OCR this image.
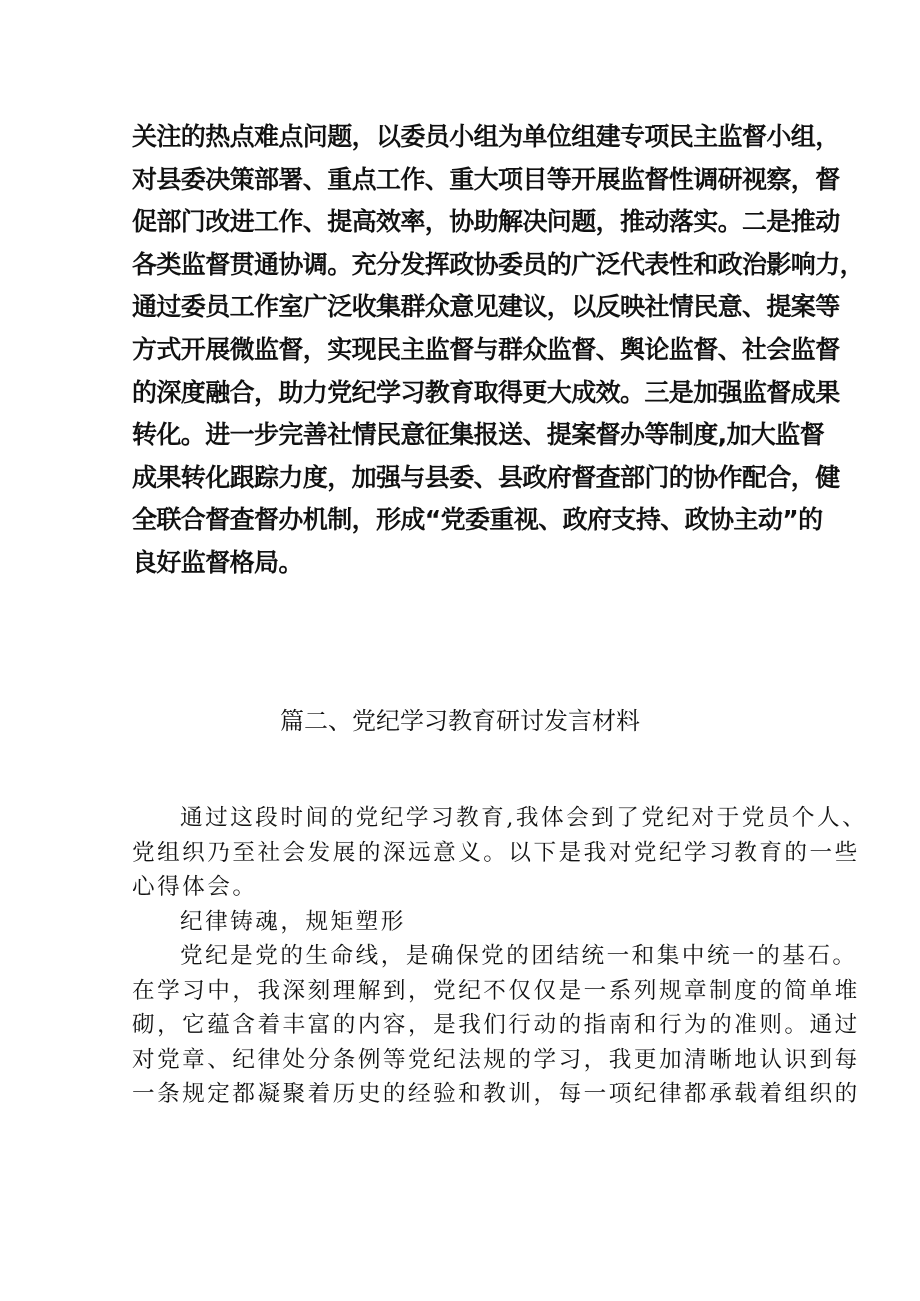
关注的热点难点问题，以委员小组为单位组建专项民主监督小组，
对县委决策部署、重点工作、重大项目等开展监督性调研视察，督
促部门改进工作、提高效率，协助解决问题，推动落实。二是推动
各类监督贯通协调。充分发挥政协委员的广泛代表性和政治影响力，
通过委员工作室广泛收集群众意见建议，以反映社情民意、提案等
方式开展微监督，实现民主监督与群众监督、舆论监督、社会监督
的深度融合，助力党纪学习教育取得更大成效。三是加强监督成果
转化。进一步完善社情民意征集报送、提案督办等制度,加大监督
成果转化跟踪力度，加强与县委、县政府督查部门的协作配合，健
全联合督查督办机制，形成“党委重视、政府支持、政协主动”的
良好监督格局。
篇二、党纪学习教育研讨发言材料
通过这段时间的党纪学习教育,我体会到了党纪对于党员个人、
党组织乃至社会发展的深远意义。以下是我对党纪学习教育的一些
心得体会。
纪律铸魂，规矩塑形
党纪是党的生命线，是确保党的团结统一和集中统一的基石。
在学习中，我深刻理解到，党纪不仅仅是一系列规章制度的简单堆
砌，它蕴含着丰富的内容，是我们行动的指南和行为的准则。通过
对党章、纪律处分条例等党纪法规的学习，我更加清晰地认识到每
一条规定都凝聚着历史的经验和教训，每一项纪律都承载着组织的
